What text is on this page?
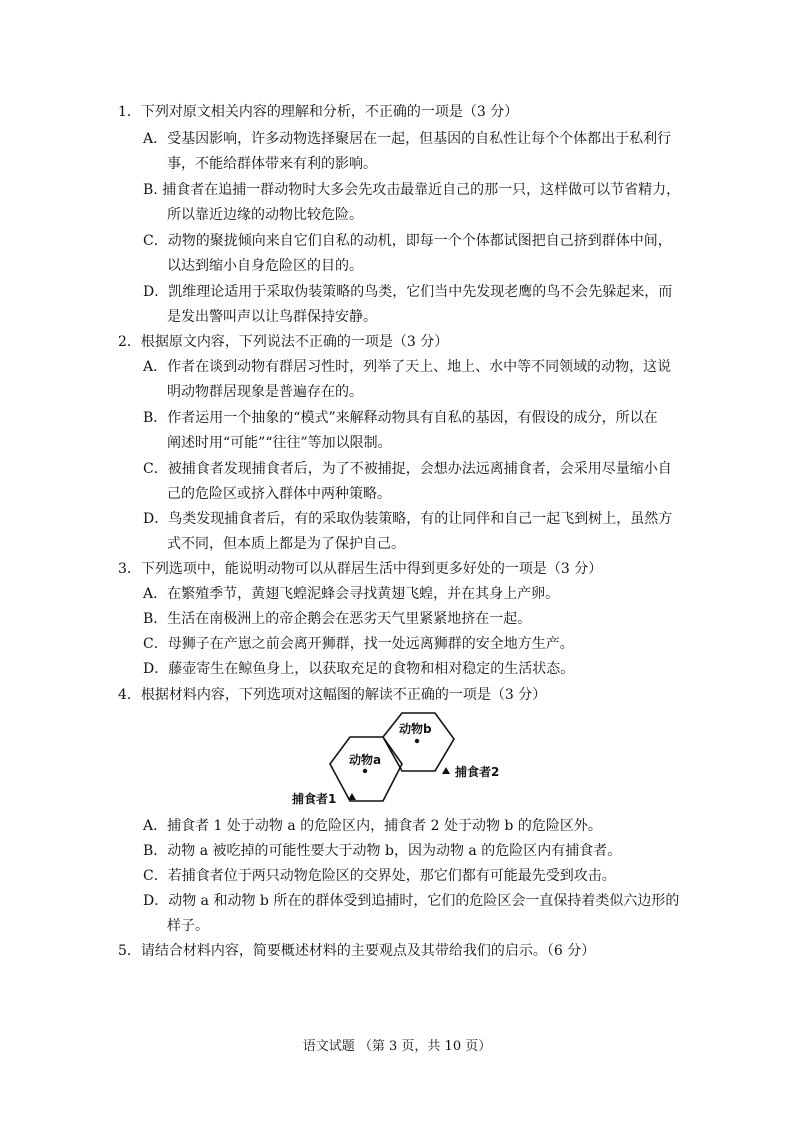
1．下列对原文相关内容的理解和分析，不正确的一项是（3 分）
A．受基因影响，许多动物选择聚居在一起，但基因的自私性让每个个体都出于私利行
事，不能给群体带来有利的影响。
B. 捕食者在追捕一群动物时大多会先攻击最靠近自己的那一只，这样做可以节省精力，
所以靠近边缘的动物比较危险。
C．动物的聚拢倾向来自它们自私的动机，即每一个个体都试图把自己挤到群体中间，
以达到缩小自身危险区的目的。
D．凯维理论适用于采取伪装策略的鸟类，它们当中先发现老鹰的鸟不会先躲起来，而
是发出警叫声以让鸟群保持安静。
2．根据原文内容，下列说法不正确的一项是（3 分）
A．作者在谈到动物有群居习性时，列举了天上、地上、水中等不同领域的动物，这说
明动物群居现象是普遍存在的。
B．作者运用一个抽象的“模式”来解释动物具有自私的基因，有假设的成分，所以在
阐述时用“可能”“往往”等加以限制。
C．被捕食者发现捕食者后，为了不被捕捉，会想办法远离捕食者，会采用尽量缩小自
己的危险区或挤入群体中两种策略。
D．鸟类发现捕食者后，有的采取伪装策略，有的让同伴和自己一起飞到树上，虽然方
式不同，但本质上都是为了保护自己。
3．下列选项中，能说明动物可以从群居生活中得到更多好处的一项是（3 分）
A．在繁殖季节，黄翅飞蝗泥蜂会寻找黄翅飞蝗，并在其身上产卵。
B．生活在南极洲上的帝企鹅会在恶劣天气里紧紧地挤在一起。
C．母狮子在产崽之前会离开狮群，找一处远离狮群的安全地方生产。
D．藤壶寄生在鲸鱼身上，以获取充足的食物和相对稳定的生活状态。
4．根据材料内容，下列选项对这幅图的解读不正确的一项是（3 分）
动物b
动物a
捕食者2
捕食者1
A．捕食者 1 处于动物 a 的危险区内，捕食者 2 处于动物 b 的危险区外。
B．动物 a 被吃掉的可能性要大于动物 b，因为动物 a 的危险区内有捕食者。
C．若捕食者位于两只动物危险区的交界处，那它们都有可能最先受到攻击。
D．动物 a 和动物 b 所在的群体受到追捕时，它们的危险区会一直保持着类似六边形的
样子。
5．请结合材料内容，简要概述材料的主要观点及其带给我们的启示。（6 分）
语文试题 （第 3 页，共 10 页）
